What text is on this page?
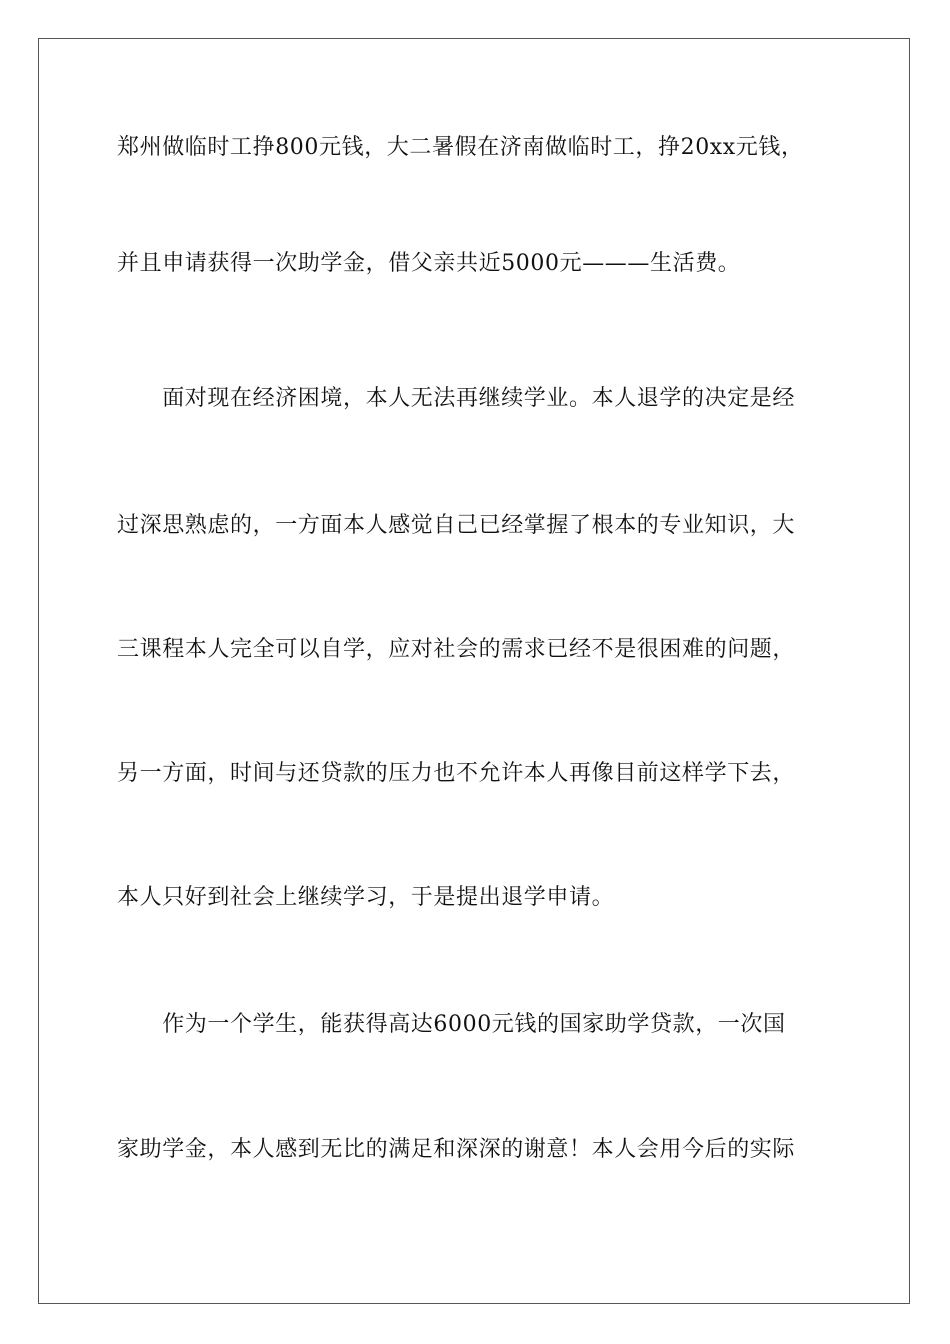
郑州做临时工挣800元钱，大二暑假在济南做临时工，挣20xx元钱，
并且申请获得一次助学金，借父亲共近5000元———生活费。
　　面对现在经济困境，本人无法再继续学业。本人退学的决定是经
过深思熟虑的，一方面本人感觉自己已经掌握了根本的专业知识，大
三课程本人完全可以自学，应对社会的需求已经不是很困难的问题，
另一方面，时间与还贷款的压力也不允许本人再像目前这样学下去，
本人只好到社会上继续学习，于是提出退学申请。
　　作为一个学生，能获得高达6000元钱的国家助学贷款，一次国
家助学金，本人感到无比的满足和深深的谢意！本人会用今后的实际
